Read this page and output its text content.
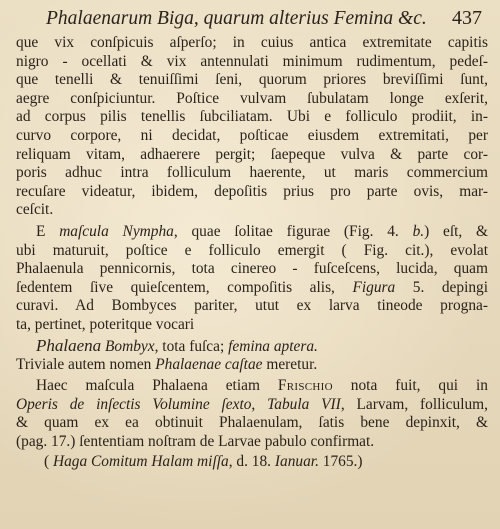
Phalaenarum Biga, quarum alterius Femina &c. 437
que vix conſpicuis aſperſo; in cuius antica extremitate capitis
nigro - ocellati & vix antennulati minimum rudimentum, pedeſ-
que tenelli & tenuiſſimi ſeni, quorum priores breviſſimi ſunt,
aegre conſpiciuntur. Poſtice vulvam ſubulatam longe exſerit,
ad corpus pilis tenellis ſubciliatam. Ubi e folliculo prodiit, in-
curvo corpore, ni decidat, poſticae eiusdem extremitati, per
reliquam vitam, adhaerere pergit; ſaepeque vulva & parte cor-
poris adhuc intra folliculum haerente, ut maris commercium
recuſare videatur, ibidem, depoſitis prius pro parte ovis, mar-
ceſcit.
E maſcula Nympha, quae ſolitae figurae (Fig. 4. b.) eſt, &
ubi maturuit, poſtice e folliculo emergit ( Fig. cit.), evolat
Phalaenula pennicornis, tota cinereo - fuſceſcens, lucida, quam
ſedentem ſive quieſcentem, compoſitis alis, Figura 5. depingi
curavi. Ad Bombyces pariter, utut ex larva tineode progna-
ta, pertinet, poteritque vocari
Phalaena Bombyx, tota fuſca; femina aptera.
Triviale autem nomen Phalaenae caſtae meretur.
Haec maſcula Phalaena etiam Frischio nota fuit, qui in
Operis de inſectis Volumine ſexto, Tabula VII, Larvam, folliculum,
& quam ex ea obtinuit Phalaenulam, ſatis bene depinxit, &
(pag. 17.) ſententiam noſtram de Larvae pabulo confirmat.
( Haga Comitum Halam miſſa, d. 18. Ianuar. 1765.)
